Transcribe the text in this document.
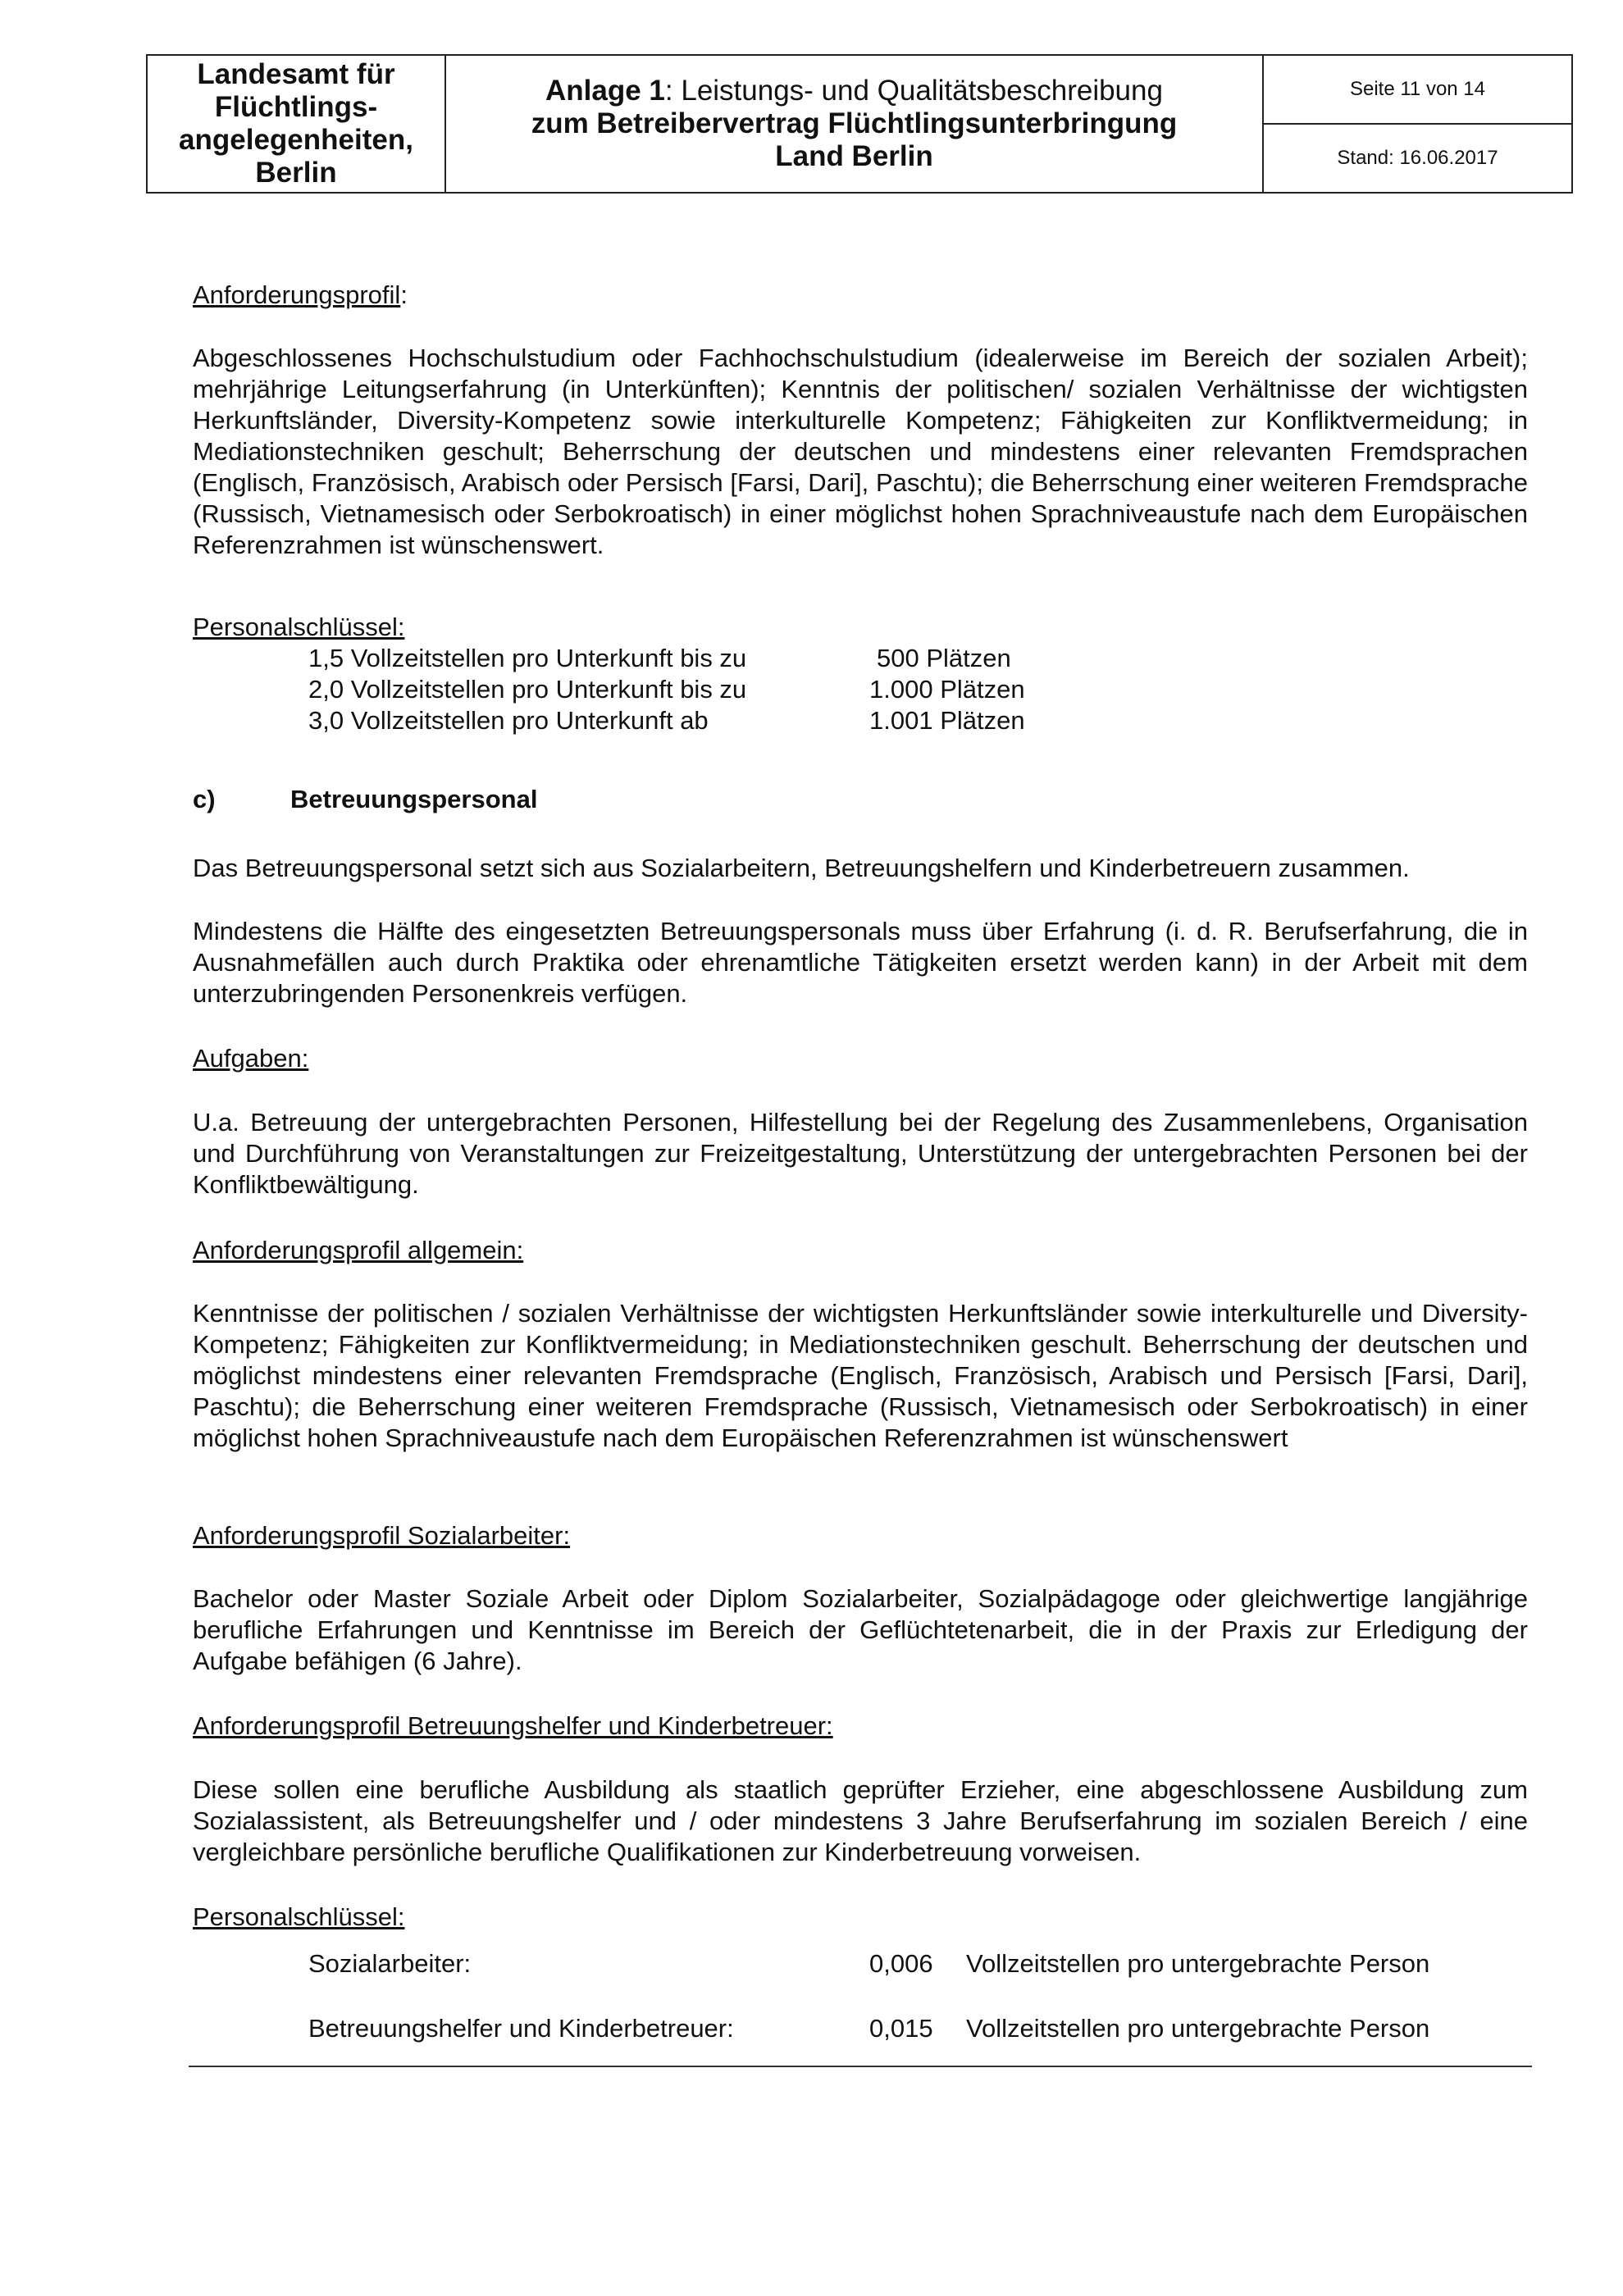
Landesamt für
Flüchtlings-
angelegenheiten,
Berlin
Anlage 1: Leistungs- und Qualitätsbeschreibung
zum Betreibervertrag Flüchtlingsunterbringung
Land Berlin
Seite 11 von 14
Stand: 16.06.2017
Anforderungsprofil:
Abgeschlossenes Hochschulstudium oder Fachhochschulstudium (idealerweise im Bereich der sozialen Arbeit); mehrjährige Leitungserfahrung (in Unterkünften); Kenntnis der politischen/ sozialen Verhältnisse der wichtigsten Herkunftsländer, Diversity-Kompetenz sowie interkulturelle Kompetenz; Fähigkeiten zur Konfliktvermeidung; in Mediationstechniken geschult; Beherrschung der deutschen und mindestens einer relevanten Fremdsprachen (Englisch, Französisch, Arabisch oder Persisch [Farsi, Dari], Paschtu); die Beherrschung einer weiteren Fremdsprache (Russisch, Vietnamesisch oder Serbokroatisch) in einer möglichst hohen Sprachniveaustufe nach dem Europäischen Referenzrahmen ist wünschenswert.
Personalschlüssel:
1,5 Vollzeitstellen pro Unterkunft bis zu	500 Plätzen
2,0 Vollzeitstellen pro Unterkunft bis zu	1.000 Plätzen
3,0 Vollzeitstellen pro Unterkunft ab	1.001 Plätzen
c)	Betreuungspersonal
Das Betreuungspersonal setzt sich aus Sozialarbeitern, Betreuungshelfern und Kinderbetreuern zusammen.
Mindestens die Hälfte des eingesetzten Betreuungspersonals muss über Erfahrung (i. d. R. Berufserfahrung, die in Ausnahmefällen auch durch Praktika oder ehrenamtliche Tätigkeiten ersetzt werden kann) in der Arbeit mit dem unterzubringenden Personenkreis verfügen.
Aufgaben:
U.a. Betreuung der untergebrachten Personen, Hilfestellung bei der Regelung des Zusammenlebens, Organisation und Durchführung von Veranstaltungen zur Freizeitgestaltung, Unterstützung der untergebrachten Personen bei der Konfliktbewältigung.
Anforderungsprofil allgemein:
Kenntnisse der politischen / sozialen Verhältnisse der wichtigsten Herkunftsländer sowie interkulturelle und Diversity-Kompetenz; Fähigkeiten zur Konfliktvermeidung; in Mediationstechniken geschult. Beherrschung der deutschen und möglichst mindestens einer relevanten Fremdsprache (Englisch, Französisch, Arabisch und Persisch [Farsi, Dari], Paschtu); die Beherrschung einer weiteren Fremdsprache (Russisch, Vietnamesisch oder Serbokroatisch) in einer möglichst hohen Sprachniveaustufe nach dem Europäischen Referenzrahmen ist wünschenswert
Anforderungsprofil Sozialarbeiter:
Bachelor oder Master Soziale Arbeit oder Diplom Sozialarbeiter, Sozialpädagoge oder gleichwertige langjährige berufliche Erfahrungen und Kenntnisse im Bereich der Geflüchtetenarbeit, die in der Praxis zur Erledigung der Aufgabe befähigen (6 Jahre).
Anforderungsprofil Betreuungshelfer und Kinderbetreuer:
Diese sollen eine berufliche Ausbildung als staatlich geprüfter Erzieher, eine abgeschlossene Ausbildung zum Sozialassistent, als Betreuungshelfer und / oder mindestens 3 Jahre Berufserfahrung im sozialen Bereich / eine vergleichbare persönliche berufliche Qualifikationen zur Kinderbetreuung vorweisen.
Personalschlüssel:
Sozialarbeiter:	0,006 Vollzeitstellen pro untergebrachte Person
Betreuungshelfer und Kinderbetreuer:	0,015 Vollzeitstellen pro untergebrachte Person
